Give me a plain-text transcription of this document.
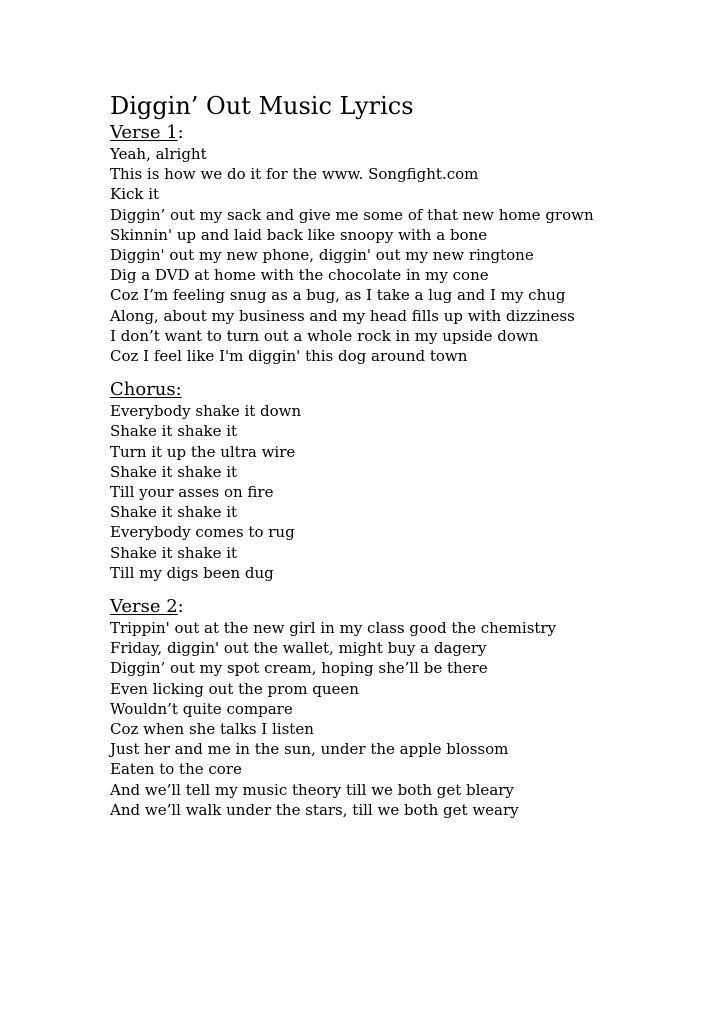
Diggin’ Out Music Lyrics
Verse 1:
Yeah, alright
This is how we do it for the www. Songfight.com
Kick it
Diggin’ out my sack and give me some of that new home grown
Skinnin' up and laid back like snoopy with a bone
Diggin' out my new phone, diggin' out my new ringtone
Dig a DVD at home with the chocolate in my cone
Coz I’m feeling snug as a bug, as I take a lug and I my chug
Along, about my business and my head fills up with dizziness
I don’t want to turn out a whole rock in my upside down
Coz I feel like I'm diggin' this dog around town
Chorus:
Everybody shake it down
Shake it shake it
Turn it up the ultra wire
Shake it shake it
Till your asses on fire
Shake it shake it
Everybody comes to rug
Shake it shake it
Till my digs been dug
Verse 2:
Trippin' out at the new girl in my class good the chemistry
Friday, diggin' out the wallet, might buy a dagery
Diggin’ out my spot cream, hoping she’ll be there
Even licking out the prom queen
Wouldn’t quite compare
Coz when she talks I listen
Just her and me in the sun, under the apple blossom
Eaten to the core
And we’ll tell my music theory till we both get bleary
And we’ll walk under the stars, till we both get weary
